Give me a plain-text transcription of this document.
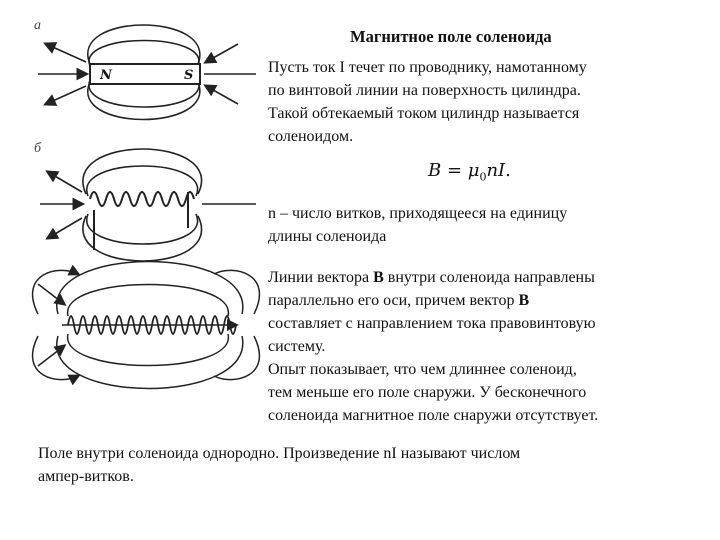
а
б
N	S
Магнитное поле соленоида
Пусть ток I течет по проводнику, намотанному
по винтовой линии на поверхность цилиндра.
Такой обтекаемый током цилиндр называется
соленоидом.
$B = \mu_0nI$.
n – число витков, приходящееся на единицу
длины соленоида
Линии вектора B внутри соленоида направлены
параллельно его оси, причем вектор B
составляет с направлением тока правовинтовую
систему.
Опыт показывает, что чем длиннее соленоид,
тем меньше его поле снаружи. У бесконечного
соленоида магнитное поле снаружи отсутствует.
Поле внутри соленоида однородно. Произведение nI называют числом
ампер-витков.
